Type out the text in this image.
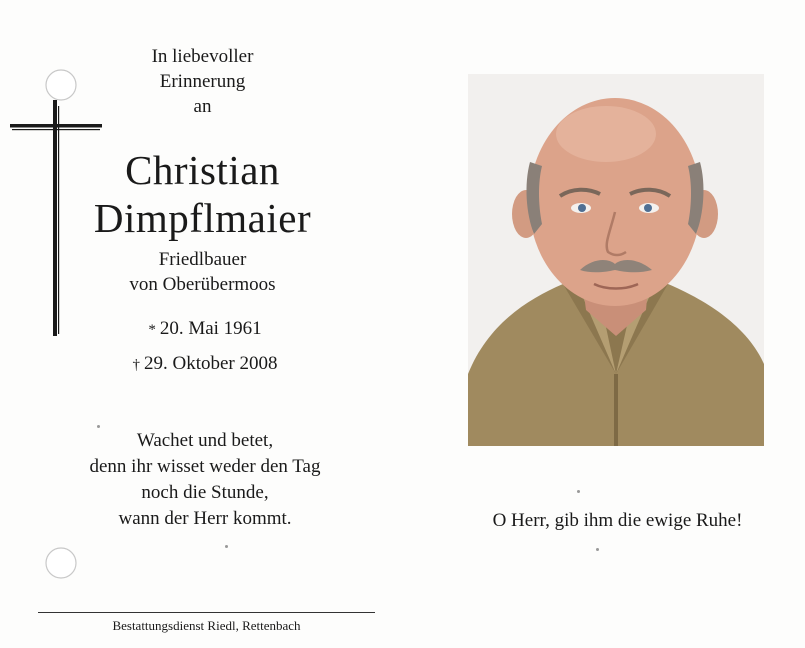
In liebevoller
Erinnerung
an
Christian
Dimpflmaier
Friedlbauer
von Oberübermoos
* 20. Mai 1961
† 29. Oktober 2008
Wachet und betet,
denn ihr wisset weder den Tag
noch die Stunde,
wann der Herr kommt.	O Herr, gib ihm die ewige Ruhe!
Bestattungsdienst Riedl, Rettenbach
